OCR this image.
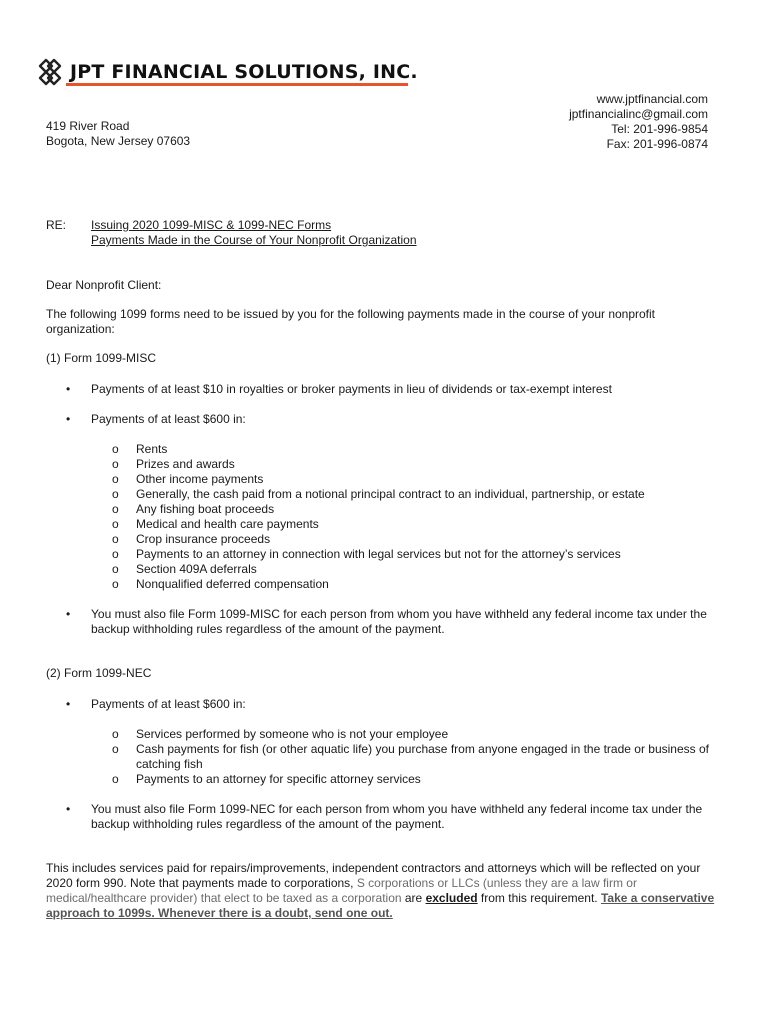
JPT FINANCIAL SOLUTIONS, INC.
www.jptfinancial.com
jptfinancialinc@gmail.com
Tel: 201-996-9854
Fax: 201-996-0874
419 River Road
Bogota, New Jersey 07603
RE: Issuing 2020 1099-MISC & 1099-NEC Forms
Payments Made in the Course of Your Nonprofit Organization
Dear Nonprofit Client:
The following 1099 forms need to be issued by you for the following payments made in the course of your nonprofit organization:
(1) Form 1099-MISC
• Payments of at least $10 in royalties or broker payments in lieu of dividends or tax-exempt interest
• Payments of at least $600 in:
o Rents
o Prizes and awards
o Other income payments
o Generally, the cash paid from a notional principal contract to an individual, partnership, or estate
o Any fishing boat proceeds
o Medical and health care payments
o Crop insurance proceeds
o Payments to an attorney in connection with legal services but not for the attorney’s services
o Section 409A deferrals
o Nonqualified deferred compensation
• You must also file Form 1099-MISC for each person from whom you have withheld any federal income tax under the backup withholding rules regardless of the amount of the payment.
(2) Form 1099-NEC
• Payments of at least $600 in:
o Services performed by someone who is not your employee
o Cash payments for fish (or other aquatic life) you purchase from anyone engaged in the trade or business of catching fish
o Payments to an attorney for specific attorney services
• You must also file Form 1099-NEC for each person from whom you have withheld any federal income tax under the backup withholding rules regardless of the amount of the payment.
This includes services paid for repairs/improvements, independent contractors and attorneys which will be reflected on your 2020 form 990. Note that payments made to corporations, S corporations or LLCs (unless they are a law firm or medical/healthcare provider) that elect to be taxed as a corporation are excluded from this requirement. Take a conservative approach to 1099s. Whenever there is a doubt, send one out.
